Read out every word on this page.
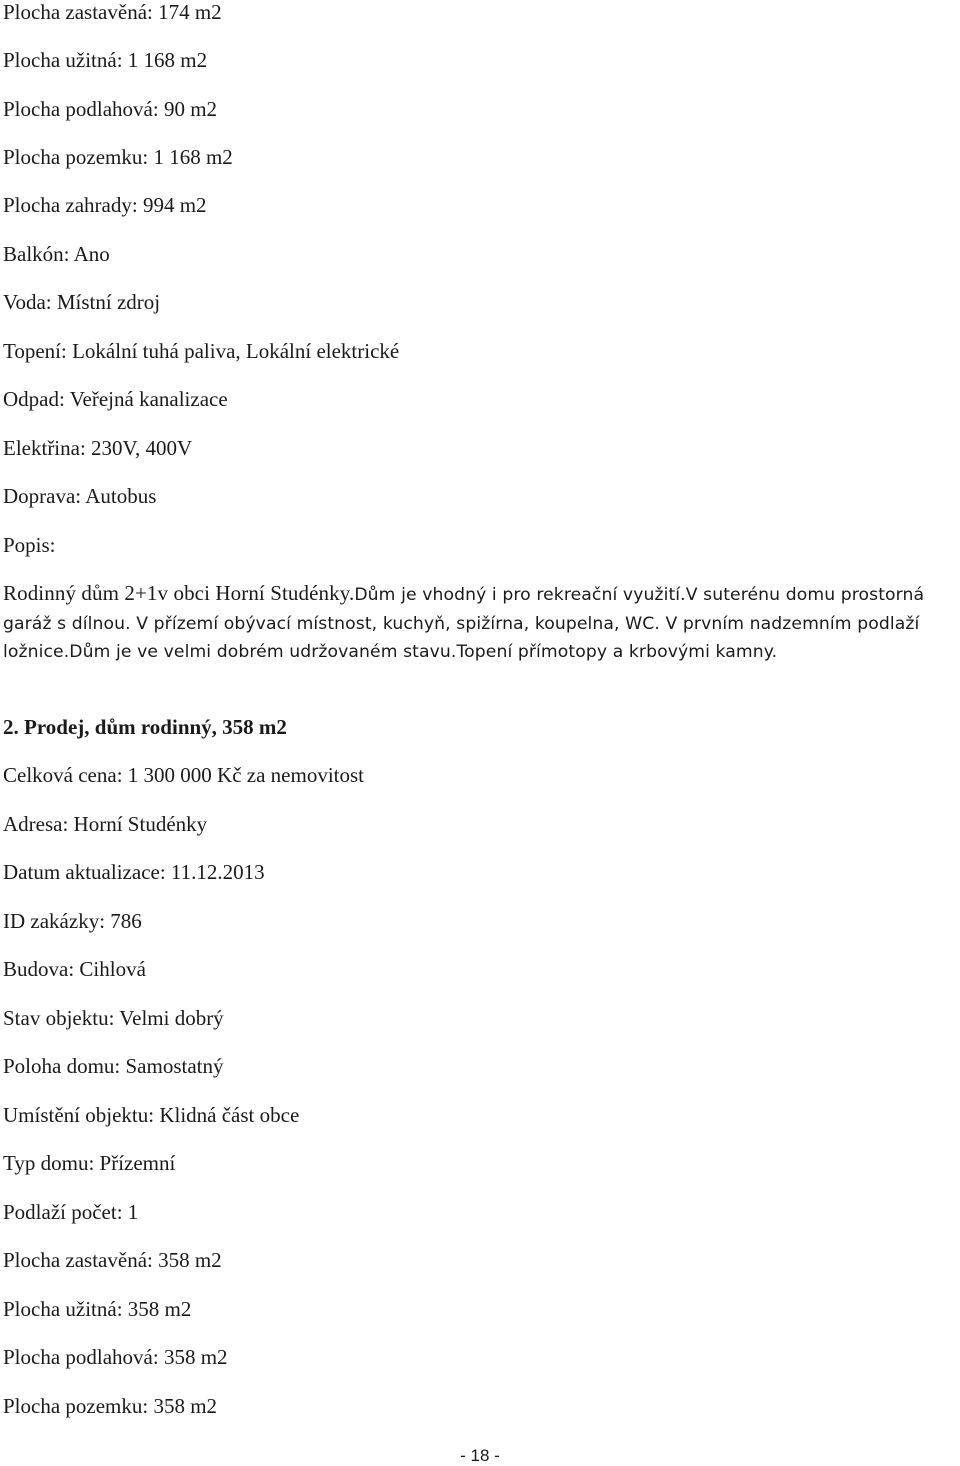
Plocha zastavěná: 174 m2

Plocha užitná: 1 168 m2

Plocha podlahová: 90 m2

Plocha pozemku: 1 168 m2

Plocha zahrady: 994 m2

Balkón: Ano

Voda: Místní zdroj

Topení: Lokální tuhá paliva, Lokální elektrické

Odpad: Veřejná kanalizace

Elektřina: 230V, 400V

Doprava: Autobus

Popis:

Rodinný dům 2+1v obci Horní Studénky.Dům je vhodný i pro rekreační využití.V suterénu domu prostorná garáž s dílnou. V přízemí obývací místnost, kuchyň, spižírna, koupelna, WC. V prvním nadzemním podlaží ložnice.Dům je ve velmi dobrém udržovaném stavu.Topení přímotopy a krbovými kamny.

2. Prodej, dům rodinný, 358 m2

Celková cena: 1 300 000 Kč za nemovitost

Adresa: Horní Studénky

Datum aktualizace: 11.12.2013

ID zakázky: 786

Budova: Cihlová

Stav objektu: Velmi dobrý

Poloha domu: Samostatný

Umístění objektu: Klidná část obce

Typ domu: Přízemní

Podlaží počet: 1

Plocha zastavěná: 358 m2

Plocha užitná: 358 m2

Plocha podlahová: 358 m2

Plocha pozemku: 358 m2

- 18 -
